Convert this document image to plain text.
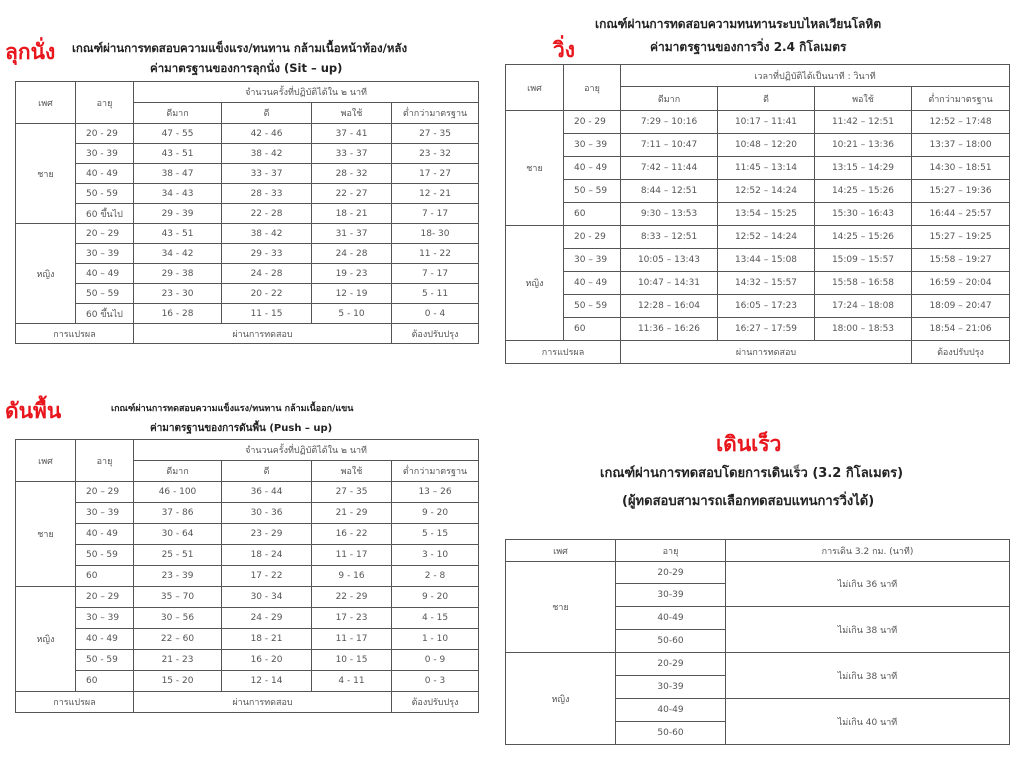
ลุกนั่ง เกณฑ์ผ่านการทดสอบความแข็งแรง/ทนทาน กล้ามเนื้อหน้าท้อง/หลัง
ค่ามาตรฐานของการลุกนั่ง (Sit – up)
เพศ	อายุ	จำนวนครั้งที่ปฏิบัติได้ใน ๒ นาที			
		ดีมาก	ดี	พอใช้	ต่ำกว่ามาตรฐาน
ชาย	20 - 29	47 - 55	42 - 46	37 - 41	27 - 35
	30 - 39	43 - 51	38 - 42	33 - 37	23 - 32
	40 - 49	38 - 47	33 - 37	28 - 32	17 - 27
	50 - 59	34 - 43	28 - 33	22 - 27	12 - 21
	60 ขึ้นไป	29 - 39	22 - 28	18 - 21	7 - 17
หญิง	20 – 29	43 - 51	38 - 42	31 - 37	18- 30
	30 – 39	34 - 42	29 - 33	24 - 28	11 - 22
	40 – 49	29 - 38	24 - 28	19 - 23	7 - 17
	50 – 59	23 - 30	20 - 22	12 - 19	5 - 11
	60 ขึ้นไป	16 - 28	11 - 15	5 - 10	0 - 4
การแปรผล		ผ่านการทดสอบ			ต้องปรับปรุง
วิ่ง
เกณฑ์ผ่านการทดสอบความทนทานระบบไหลเวียนโลหิต
ค่ามาตรฐานของการวิ่ง 2.4 กิโลเมตร
เพศ	อายุ	เวลาที่ปฏิบัติได้เป็นนาที : วินาที			
		ดีมาก	ดี	พอใช้	ต่ำกว่ามาตรฐาน
ชาย	20 - 29	7:29 – 10:16	10:17 – 11:41	11:42 – 12:51	12:52 – 17:48
	30 – 39	7:11 – 10:47	10:48 – 12:20	10:21 – 13:36	13:37 – 18:00
	40 – 49	7:42 – 11:44	11:45 – 13:14	13:15 – 14:29	14:30 – 18:51
	50 – 59	8:44 – 12:51	12:52 – 14:24	14:25 – 15:26	15:27 – 19:36
	60	9:30 – 13:53	13:54 – 15:25	15:30 – 16:43	16:44 – 25:57
หญิง	20 - 29	8:33 – 12:51	12:52 – 14:24	14:25 – 15:26	15:27 – 19:25
	30 – 39	10:05 – 13:43	13:44 – 15:08	15:09 – 15:57	15:58 – 19:27
	40 – 49	10:47 – 14:31	14:32 – 15:57	15:58 – 16:58	16:59 – 20:04
	50 – 59	12:28 – 16:04	16:05 – 17:23	17:24 – 18:08	18:09 – 20:47
	60	11:36 – 16:26	16:27 – 17:59	18:00 – 18:53	18:54 – 21:06
การแปรผล		ผ่านการทดสอบ			ต้องปรับปรุง
ดันพื้น	เกณฑ์ผ่านการทดสอบความแข็งแรง/ทนทาน กล้ามเนื้ออก/แขน
ค่ามาตรฐานของการดันพื้น (Push – up)
เพศ	อายุ	จำนวนครั้งที่ปฏิบัติได้ใน ๒ นาที			
		ดีมาก	ดี	พอใช้	ต่ำกว่ามาตรฐาน
ชาย	20 – 29	46 - 100	36 - 44	27 - 35	13 – 26
	30 – 39	37 - 86	30 - 36	21 - 29	9 - 20
	40 - 49	30 - 64	23 - 29	16 - 22	5 - 15
	50 - 59	25 - 51	18 - 24	11 - 17	3 - 10
	60	23 - 39	17 - 22	9 - 16	2 - 8
หญิง	20 – 29	35 – 70	30 - 34	22 - 29	9 - 20
	30 – 39	30 – 56	24 - 29	17 - 23	4 - 15
	40 - 49	22 – 60	18 - 21	11 - 17	1 - 10
	50 - 59	21 - 23	16 - 20	10 - 15	0 - 9
	60	15 - 20	12 - 14	4 - 11	0 - 3
การแปรผล		ผ่านการทดสอบ			ต้องปรับปรุง
เดินเร็ว
เกณฑ์ผ่านการทดสอบโดยการเดินเร็ว (3.2 กิโลเมตร)
(ผู้ทดสอบสามารถเลือกทดสอบแทนการวิ่งได้)
เพศ	อายุ	การเดิน 3.2 กม. (นาที)
ชาย	20-29	ไม่เกิน 36 นาที
	30-39	
	40-49	ไม่เกิน 38 นาที
	50-60	
หญิง	20-29	ไม่เกิน 38 นาที
	30-39	
	40-49	ไม่เกิน 40 นาที
	50-60	
